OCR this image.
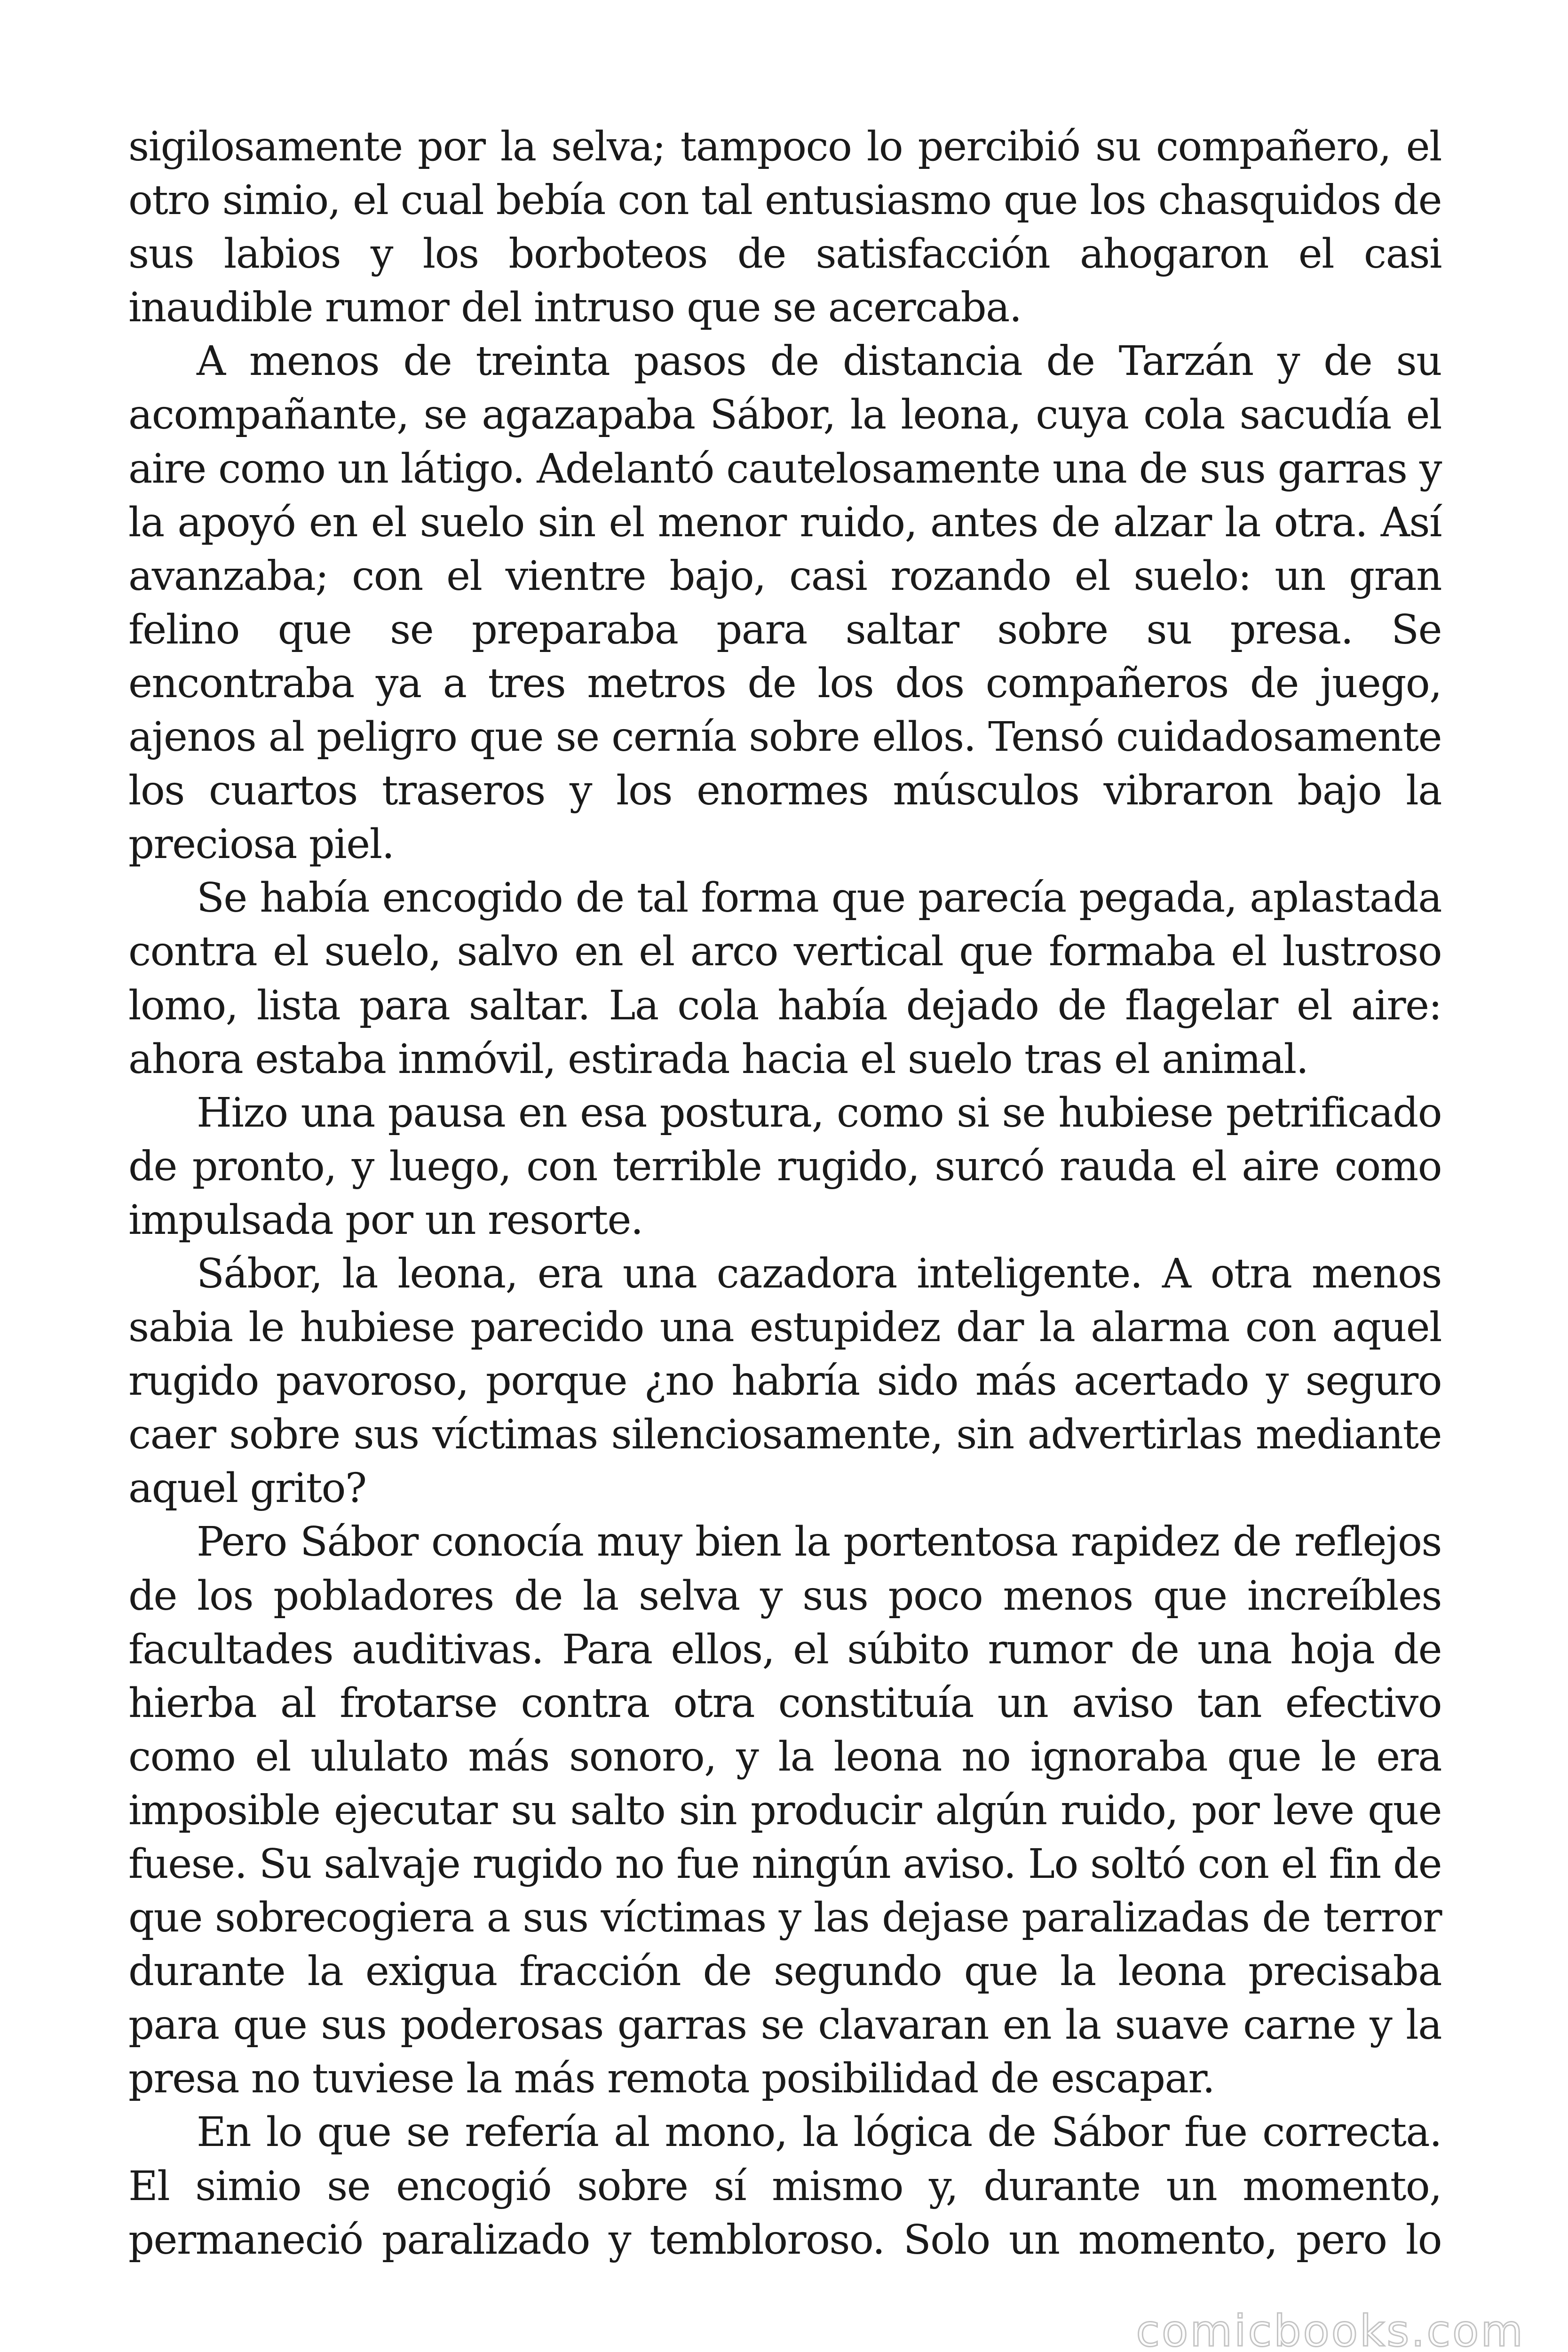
sigilosamente por la selva; tampoco lo percibió su compañero, el otro simio, el cual bebía con tal entusiasmo que los chasquidos de sus labios y los borboteos de satisfacción ahogaron el casi inaudible rumor del intruso que se acercaba.

A menos de treinta pasos de distancia de Tarzán y de su acompañante, se agazapaba Sábor, la leona, cuya cola sacudía el aire como un látigo. Adelantó cautelosamente una de sus garras y la apoyó en el suelo sin el menor ruido, antes de alzar la otra. Así avanzaba; con el vientre bajo, casi rozando el suelo: un gran felino que se preparaba para saltar sobre su presa. Se encontraba ya a tres metros de los dos compañeros de juego, ajenos al peligro que se cernía sobre ellos. Tensó cuidadosamente los cuartos traseros y los enormes músculos vibraron bajo la preciosa piel.

Se había encogido de tal forma que parecía pegada, aplastada contra el suelo, salvo en el arco vertical que formaba el lustroso lomo, lista para saltar. La cola había dejado de flagelar el aire: ahora estaba inmóvil, estirada hacia el suelo tras el animal.

Hizo una pausa en esa postura, como si se hubiese petrificado de pronto, y luego, con terrible rugido, surcó rauda el aire como impulsada por un resorte.

Sábor, la leona, era una cazadora inteligente. A otra menos sabia le hubiese parecido una estupidez dar la alarma con aquel rugido pavoroso, porque ¿no habría sido más acertado y seguro caer sobre sus víctimas silenciosamente, sin advertirlas mediante aquel grito?

Pero Sábor conocía muy bien la portentosa rapidez de reflejos de los pobladores de la selva y sus poco menos que increíbles facultades auditivas. Para ellos, el súbito rumor de una hoja de hierba al frotarse contra otra constituía un aviso tan efectivo como el ululato más sonoro, y la leona no ignoraba que le era imposible ejecutar su salto sin producir algún ruido, por leve que fuese. Su salvaje rugido no fue ningún aviso. Lo soltó con el fin de que sobrecogiera a sus víctimas y las dejase paralizadas de terror durante la exigua fracción de segundo que la leona precisaba para que sus poderosas garras se clavaran en la suave carne y la presa no tuviese la más remota posibilidad de escapar.

En lo que se refería al mono, la lógica de Sábor fue correcta. El simio se encogió sobre sí mismo y, durante un momento, permaneció paralizado y tembloroso. Solo un momento, pero lo

comicbooks.com
